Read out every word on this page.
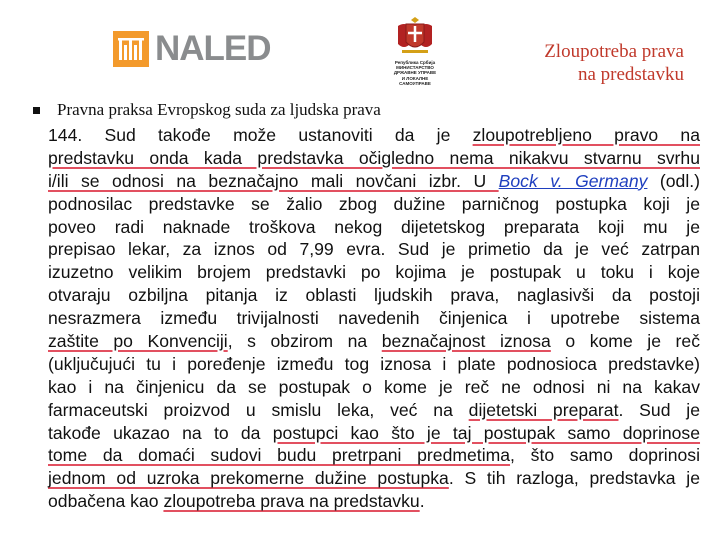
NALED	Република Србија
МИНИСТАРСТВО
ДРЖАВНЕ УПРАВЕ
И ЛОКАЛНЕ
САМОУПРАВЕ
Zloupotreba prava
na predstavku
Pravna praksa Evropskog suda za ljudska prava
144. Sud takođe može ustanoviti da je zloupotrebljeno pravo na
predstavku onda kada predstavka očigledno nema nikakvu stvarnu svrhu
i/ili se odnosi na beznačajno mali novčani izbr. U Bock v. Germany (odl.)
podnosilac predstavke se žalio zbog dužine parničnog postupka koji je
poveo radi naknade troškova nekog dijetetskog preparata koji mu je
prepisao lekar, za iznos od 7,99 evra. Sud je primetio da je već zatrpan
izuzetno velikim brojem predstavki po kojima je postupak u toku i koje
otvaraju ozbiljna pitanja iz oblasti ljudskih prava, naglasivši da postoji
nesrazmera između trivijalnosti navedenih činjenica i upotrebe sistema
zaštite po Konvenciji, s obzirom na beznačajnost iznosa o kome je reč
(uključujući tu i poređenje između tog iznosa i plate podnosioca predstavke)
kao i na činjenicu da se postupak o kome je reč ne odnosi ni na kakav
farmaceutski proizvod u smislu leka, već na dijetetski preparat. Sud je
takođe ukazao na to da postupci kao što je taj postupak samo doprinose
tome da domaći sudovi budu pretrpani predmetima, što samo doprinosi
jednom od uzroka prekomerne dužine postupka. S tih razloga, predstavka je
odbačena kao zloupotreba prava na predstavku.
